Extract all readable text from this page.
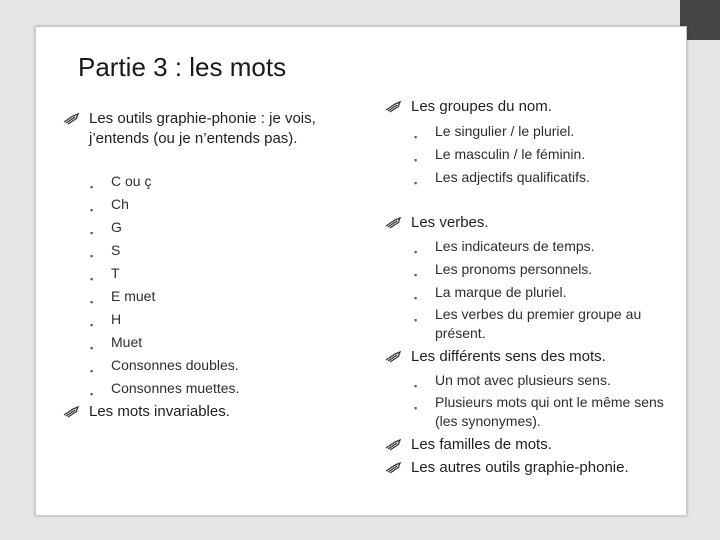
Partie 3 : les mots
Les outils graphie-phonie : je vois, j’entends (ou je n’entends pas).
▪ C ou ç
▪ Ch
▪ G
▪ S
▪ T
▪ E muet
▪ H
▪ Muet
▪ Consonnes doubles.
▪ Consonnes muettes.
Les mots invariables.
Les groupes du nom.
▪ Le singulier / le pluriel.
▪ Le masculin / le féminin.
▪ Les adjectifs qualificatifs.
Les verbes.
▪ Les indicateurs de temps.
▪ Les pronoms personnels.
▪ La marque de pluriel.
▪ Les verbes du premier groupe au présent.
Les différents sens des mots.
▪ Un mot avec plusieurs sens.
▪ Plusieurs mots qui ont le même sens (les synonymes).
Les familles de mots.
Les autres outils graphie-phonie.
